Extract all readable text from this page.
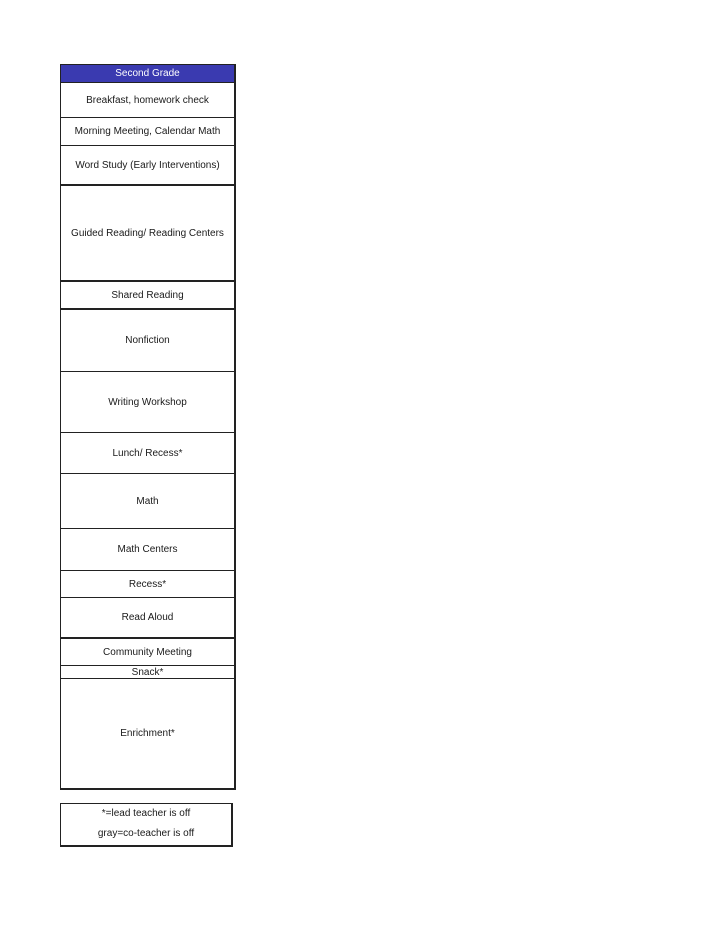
Second Grade
Breakfast, homework check
Morning Meeting, Calendar Math
Word Study (Early Interventions)
Guided Reading/ Reading Centers
Shared Reading
Nonfiction
Writing Workshop
Lunch/ Recess*
Math
Math Centers
Recess*
Read Aloud
Community Meeting
Snack*
Enrichment*
*=lead teacher is off
gray=co-teacher is off
